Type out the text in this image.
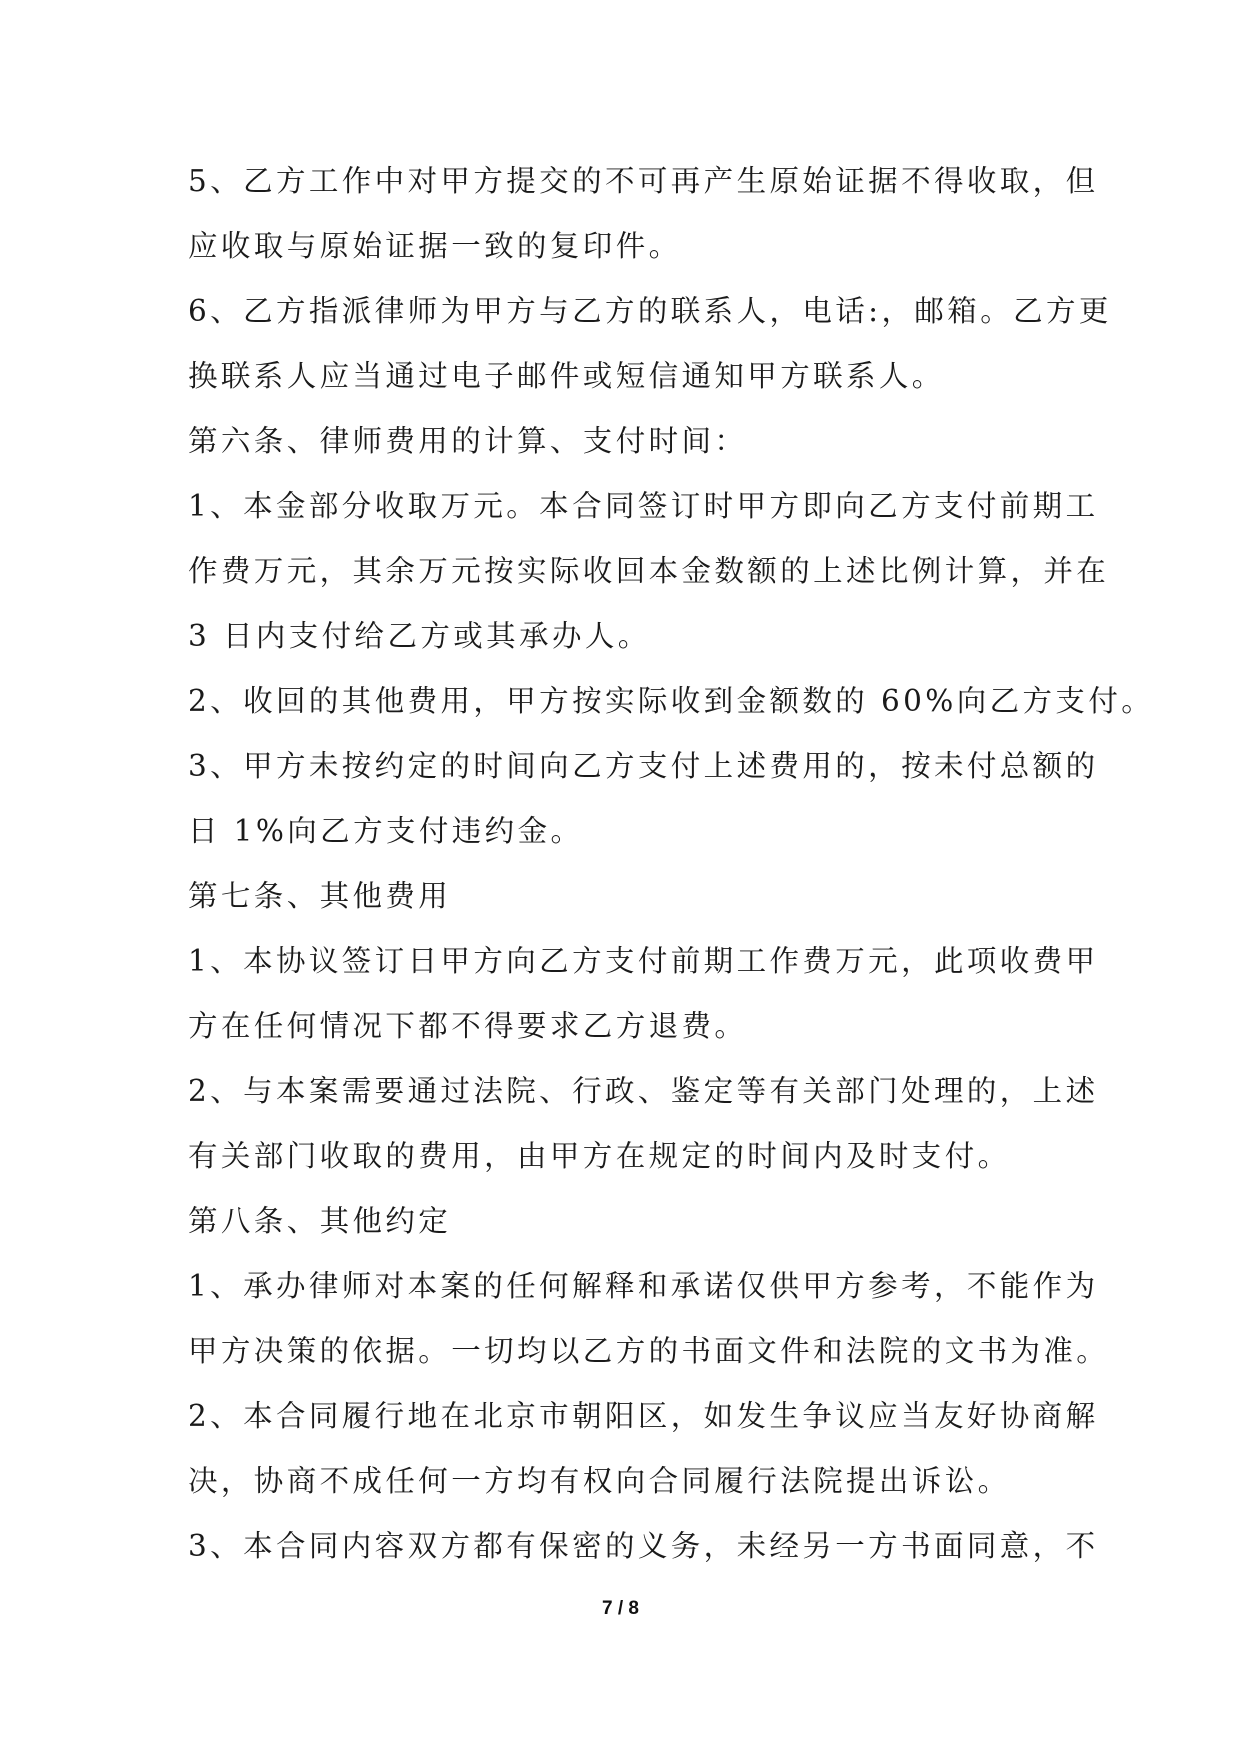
5、乙方工作中对甲方提交的不可再产生原始证据不得收取，但

应收取与原始证据一致的复印件。

6、乙方指派律师为甲方与乙方的联系人，电话:，邮箱。乙方更

换联系人应当通过电子邮件或短信通知甲方联系人。

第六条、律师费用的计算、支付时间：

1、本金部分收取万元。本合同签订时甲方即向乙方支付前期工

作费万元，其余万元按实际收回本金数额的上述比例计算，并在

3 日内支付给乙方或其承办人。

2、收回的其他费用，甲方按实际收到金额数的 60%向乙方支付。

3、甲方未按约定的时间向乙方支付上述费用的，按未付总额的

日 1%向乙方支付违约金。

第七条、其他费用

1、本协议签订日甲方向乙方支付前期工作费万元，此项收费甲

方在任何情况下都不得要求乙方退费。

2、与本案需要通过法院、行政、鉴定等有关部门处理的，上述

有关部门收取的费用，由甲方在规定的时间内及时支付。

第八条、其他约定

1、承办律师对本案的任何解释和承诺仅供甲方参考，不能作为

甲方决策的依据。一切均以乙方的书面文件和法院的文书为准。

2、本合同履行地在北京市朝阳区，如发生争议应当友好协商解

决，协商不成任何一方均有权向合同履行法院提出诉讼。

3、本合同内容双方都有保密的义务，未经另一方书面同意，不

7 / 8
